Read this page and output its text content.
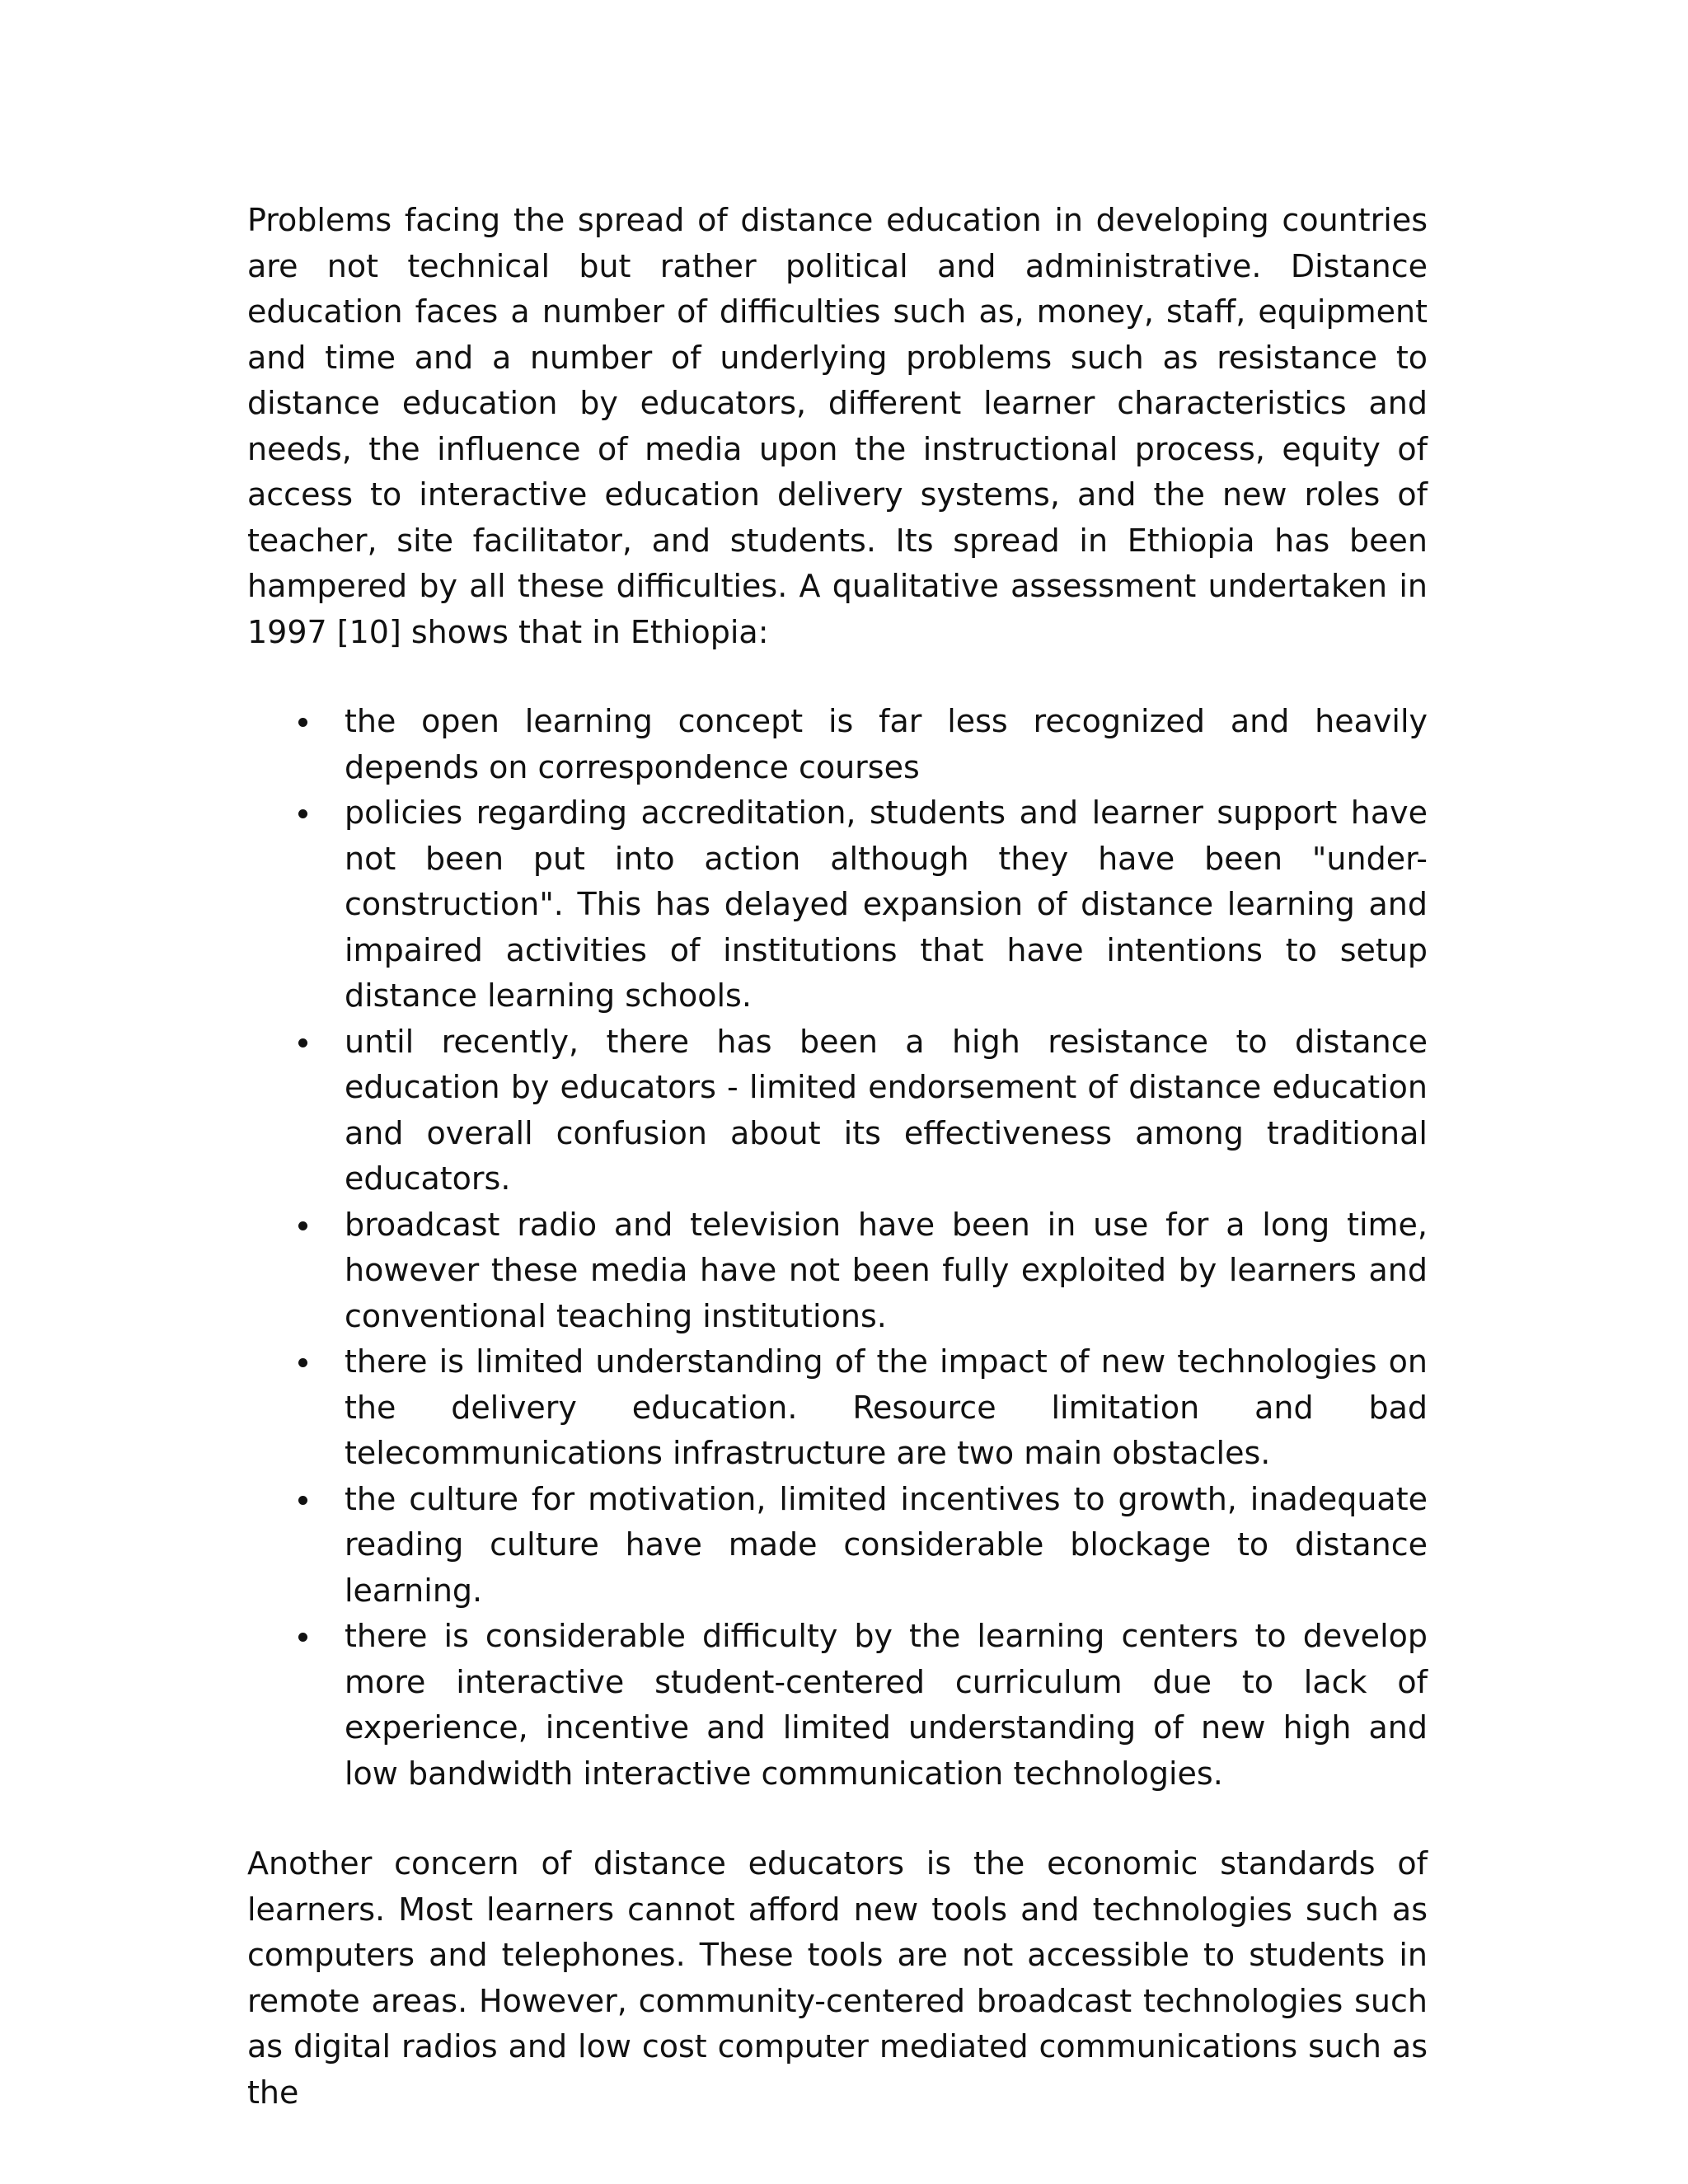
Problems facing the spread of distance education in developing countries are not technical but rather political and administrative. Distance education faces a number of difficulties such as, money, staff, equipment and time and a number of underlying problems such as resistance to distance education by educators, different learner characteristics and needs, the influence of media upon the instructional process, equity of access to interactive education delivery systems, and the new roles of teacher, site facilitator, and students. Its spread in Ethiopia has been hampered by all these difficulties. A qualitative assessment undertaken in 1997 [10] shows that in Ethiopia:

the open learning concept is far less recognized and heavily depends on correspondence courses
policies regarding accreditation, students and learner support have not been put into action although they have been "under-construction". This has delayed expansion of distance learning and impaired activities of institutions that have intentions to setup distance learning schools.
until recently, there has been a high resistance to distance education by educators - limited endorsement of distance education and overall confusion about its effectiveness among traditional educators.
broadcast radio and television have been in use for a long time, however these media have not been fully exploited by learners and conventional teaching institutions.
there is limited understanding of the impact of new technologies on the delivery education. Resource limitation and bad telecommunications infrastructure are two main obstacles.
the culture for motivation, limited incentives to growth, inadequate reading culture have made considerable blockage to distance learning.
there is considerable difficulty by the learning centers to develop more interactive student-centered curriculum due to lack of experience, incentive and limited understanding of new high and low bandwidth interactive communication technologies.

Another concern of distance educators is the economic standards of learners. Most learners cannot afford new tools and technologies such as computers and telephones. These tools are not accessible to students in remote areas. However, community-centered broadcast technologies such as digital radios and low cost computer mediated communications such as the
